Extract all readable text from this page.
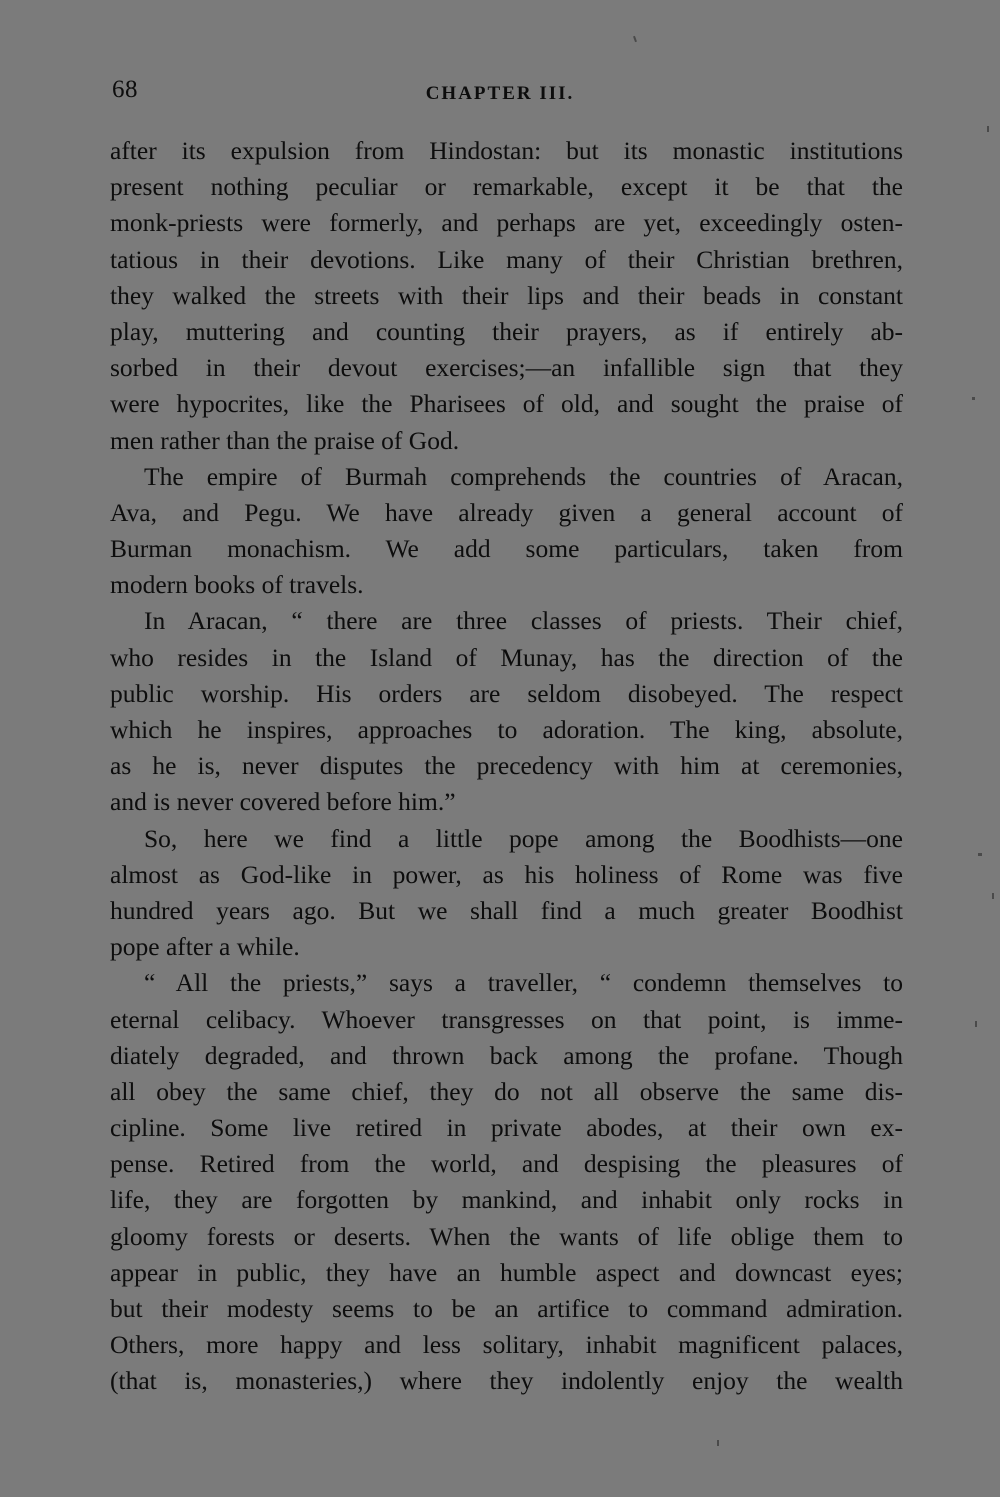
68	CHAPTER III.
after its expulsion from Hindostan: but its monastic institutions
present nothing peculiar or remarkable, except it be that the
monk-priests were formerly, and perhaps are yet, exceedingly osten-
tatious in their devotions. Like many of their Christian brethren,
they walked the streets with their lips and their beads in constant
play, muttering and counting their prayers, as if entirely ab-
sorbed in their devout exercises;—an infallible sign that they
were hypocrites, like the Pharisees of old, and sought the praise of
men rather than the praise of God.
The empire of Burmah comprehends the countries of Aracan,
Ava, and Pegu. We have already given a general account of
Burman monachism. We add some particulars, taken from
modern books of travels.
In Aracan, “ there are three classes of priests. Their chief,
who resides in the Island of Munay, has the direction of the
public worship. His orders are seldom disobeyed. The respect
which he inspires, approaches to adoration. The king, absolute,
as he is, never disputes the precedency with him at ceremonies,
and is never covered before him.”
So, here we find a little pope among the Boodhists—one
almost as God-like in power, as his holiness of Rome was five
hundred years ago. But we shall find a much greater Boodhist
pope after a while.
“ All the priests,” says a traveller, “ condemn themselves to
eternal celibacy. Whoever transgresses on that point, is imme-
diately degraded, and thrown back among the profane. Though
all obey the same chief, they do not all observe the same dis-
cipline. Some live retired in private abodes, at their own ex-
pense. Retired from the world, and despising the pleasures of
life, they are forgotten by mankind, and inhabit only rocks in
gloomy forests or deserts. When the wants of life oblige them to
appear in public, they have an humble aspect and downcast eyes;
but their modesty seems to be an artifice to command admiration.
Others, more happy and less solitary, inhabit magnificent palaces,
(that is, monasteries,) where they indolently enjoy the wealth
